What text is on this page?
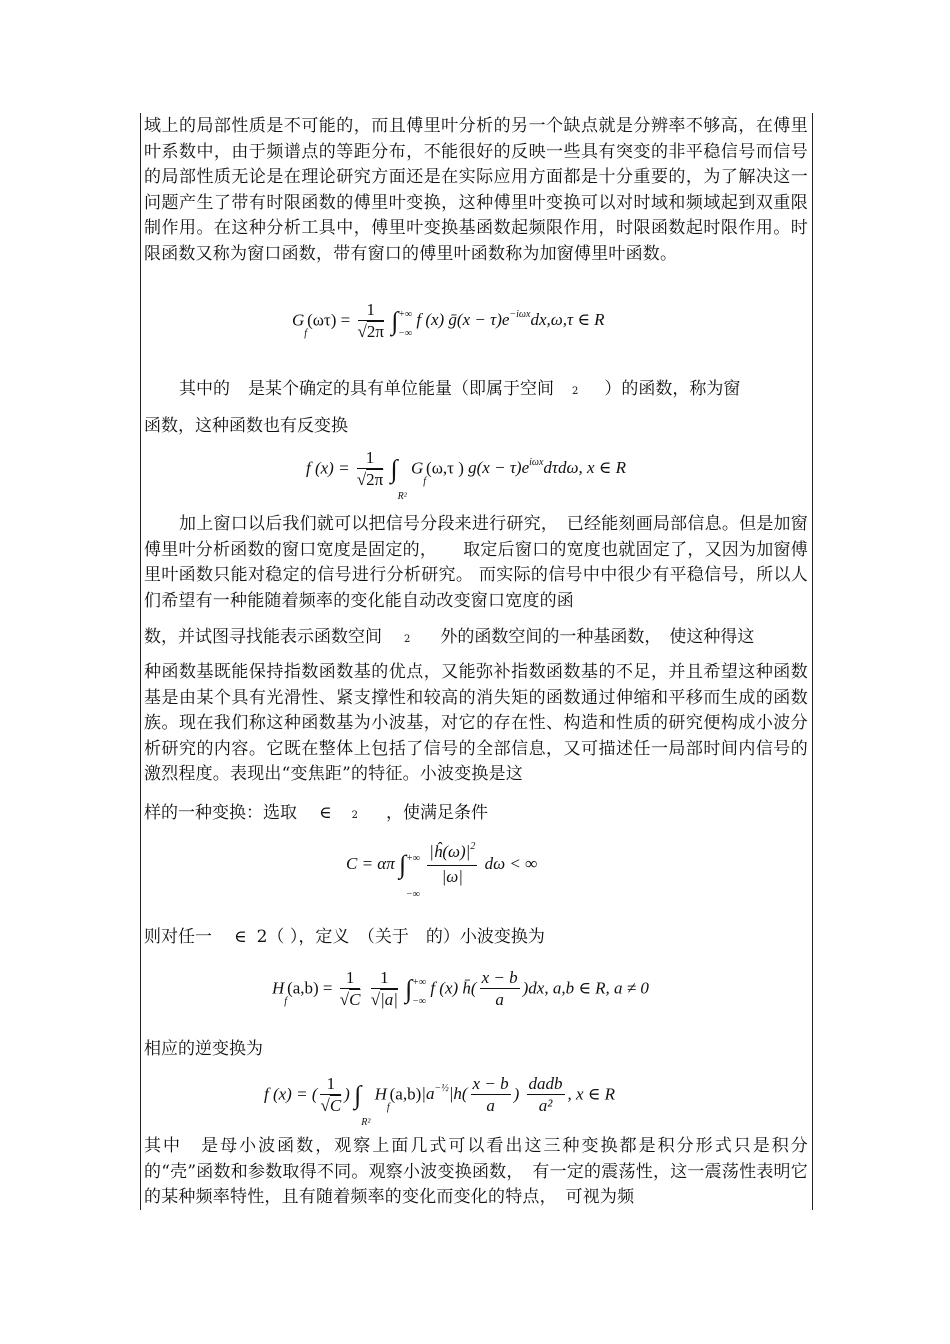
域上的局部性质是不可能的，而且傅里叶分析的另一个缺点就是分辨率不够高，在傅里叶系数中，由于频谱点的等距分布，不能很好的反映一些具有突变的非平稳信号而信号的局部性质无论是在理论研究方面还是在实际应用方面都是十分重要的，为了解决这一问题产生了带有时限函数的傅里叶变换，这种傅里叶变换可以对时域和频域起到双重限制作用。在这种分析工具中，傅里叶变换基函数起频限作用，时限函数起时限作用。时限函数又称为窗口函数，带有窗口的傅里叶函数称为加窗傅里叶函数。
$G_f(\omega\tau) = \frac{1}{√2\pi} \int^{+\infty}_{-\infty}$ f (x) ḡ(x − $\tau)e^{-i\omega x}dx,\omega,\tau$ ∈ R
其中的 是某个确定的具有单位能量（即属于空间 2 ）的函数，称为窗
函数，这种函数也有反变换
f $(x) = \frac{1}{√2\pi} \int_{R^2}$ $G_f(\omega,\tau$ ) $g(x - \tau)e^{i\omega x}d\tau d\omega$, x ∈ R
加上窗口以后我们就可以把信号分段来进行研究，　已经能刻画局部信息。但是加窗傅里叶分析函数的窗口宽度是固定的，　　取定后窗口的宽度也就固定了，又因为加窗傅里叶函数只能对稳定的信号进行分析研究。 而实际的信号中中很少有平稳信号，所以人们希望有一种能随着频率的变化能自动改变窗口宽度的函
数，并试图寻找能表示函数空间 2 外的函数空间的一种基函数， 使这种得这
种函数基既能保持指数函数基的优点，又能弥补指数函数基的不足，并且希望这种函数基是由某个具有光滑性、紧支撑性和较高的消失矩的函数通过伸缩和平移而生成的函数族。现在我们称这种函数基为小波基，对它的存在性、构造和性质的研究便构成小波分析研究的内容。它既在整体上包括了信号的全部信息，又可描述任一局部时间内信号的激烈程度。表现出“变焦距”的特征。小波变换是这
样的一种变换：选取 ∈ 2 ，使满足条件
C = απ $\int^{+\infty}_{-\infty}$
$\frac{|ĥ(\omega)|^2}{|\omega|}$ dω < ∞
则对任一 ∈ 2（ ），定义　（关于　的）小波变换为
$H_f(a,b) = \frac{1}{√C}$
$\frac{1}{√|a|} \int^{+\infty}_{-\infty}$ f (x) h̄( $\frac{x - b}{a} )dx$, a,b ∈ R, a ≠ 0
相应的逆变换为
f (x) = ( $\frac{1}{√C}$ ) $\int_{R^2}$ $H_f(a,b)|a^{-\frac{1}{2}}|h( \frac{x - b}{a}$ ) $\frac{\text{dadb}}{\text{a²}}$ , x ∈ R
其中　是母小波函数，观察上面几式可以看出这三种变换都是积分形式只是积分的“壳”函数和参数取得不同。观察小波变换函数，　有一定的震荡性，这一震荡性表明它的某种频率特性，且有随着频率的变化而变化的特点，　可视为频
